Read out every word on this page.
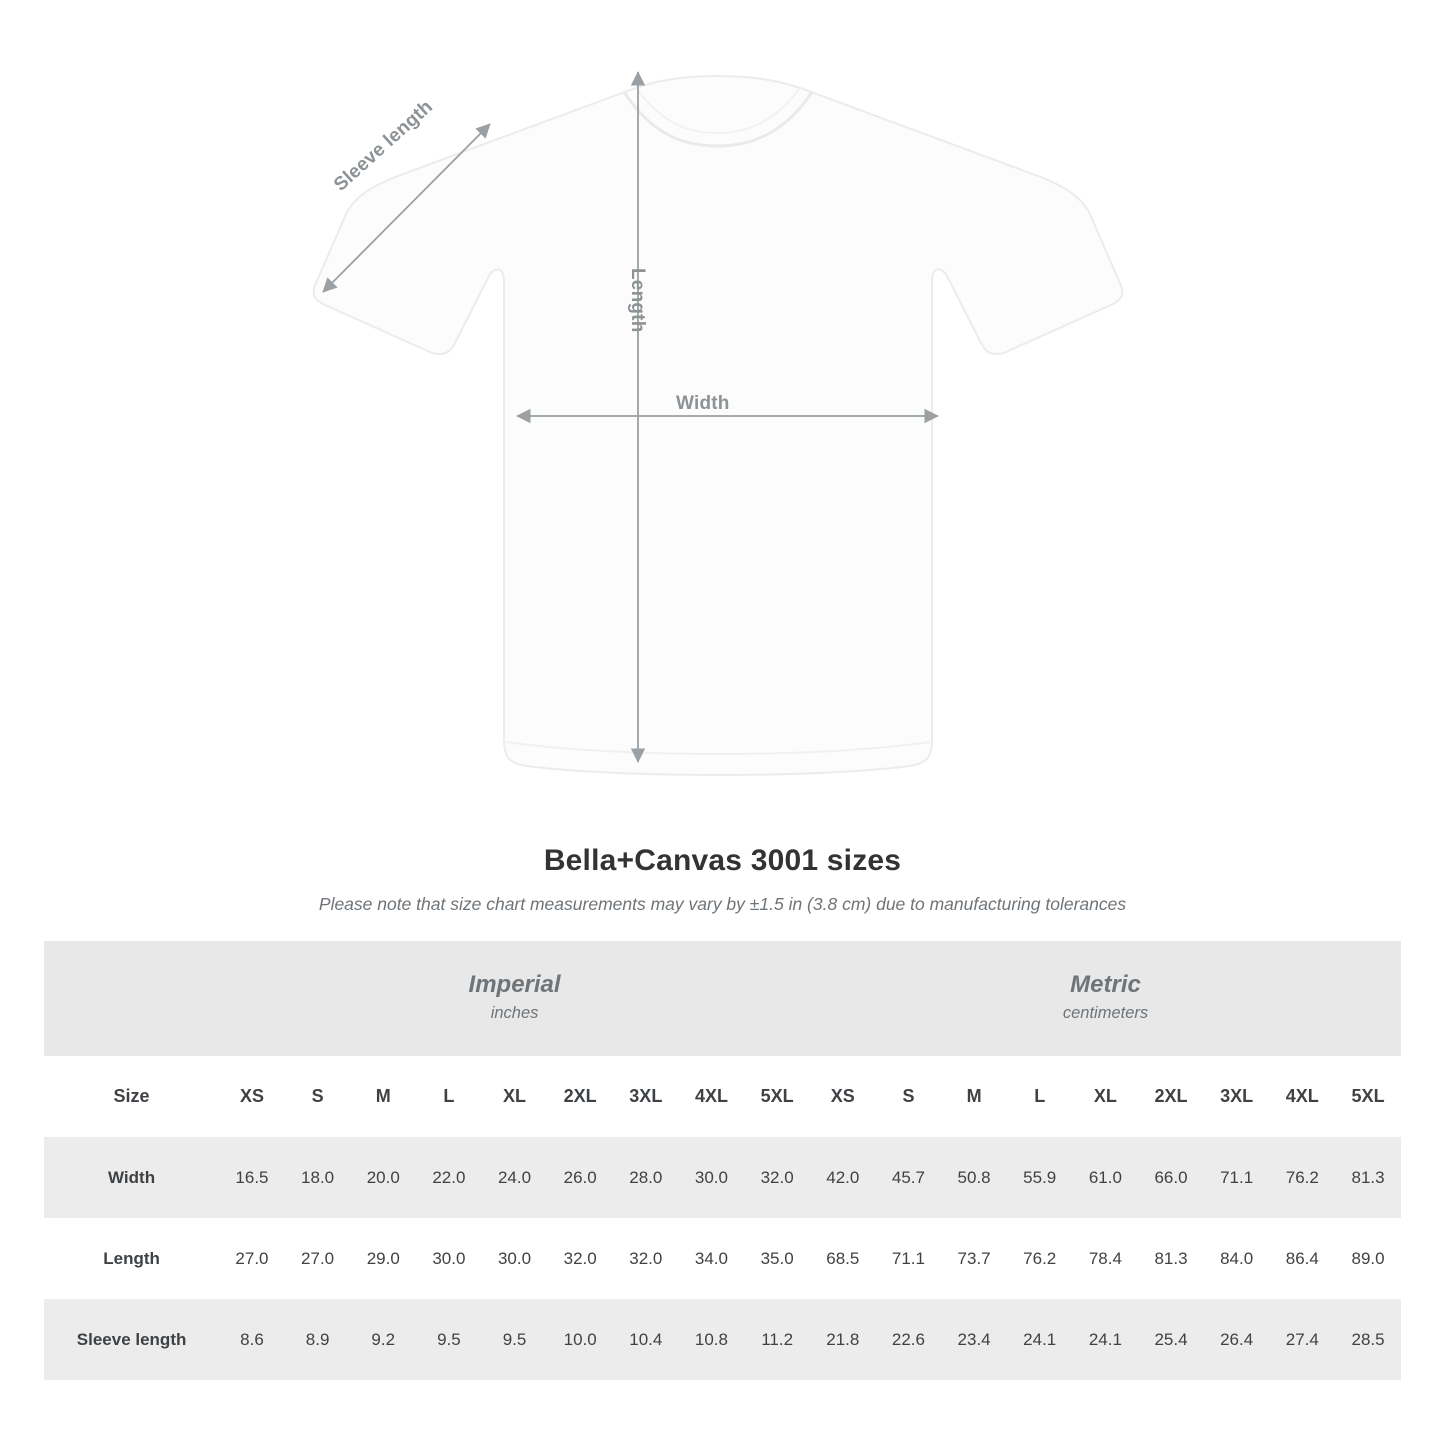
Sleeve length
Length
Width
Bella+Canvas 3001 sizes
Please note that size chart measurements may vary by ±1.5 in (3.8 cm) due to manufacturing tolerances

Imperial
inches

Metric
centimeters

Size	XS	S	M	L	XL	2XL	3XL	4XL	5XL	XS	S	M	L	XL	2XL	3XL	4XL	5XL
Width	16.5	18.0	20.0	22.0	24.0	26.0	28.0	30.0	32.0	42.0	45.7	50.8	55.9	61.0	66.0	71.1	76.2	81.3
Length	27.0	27.0	29.0	30.0	30.0	32.0	32.0	34.0	35.0	68.5	71.1	73.7	76.2	78.4	81.3	84.0	86.4	89.0
Sleeve length	8.6	8.9	9.2	9.5	9.5	10.0	10.4	10.8	11.2	21.8	22.6	23.4	24.1	24.1	25.4	26.4	27.4	28.5
